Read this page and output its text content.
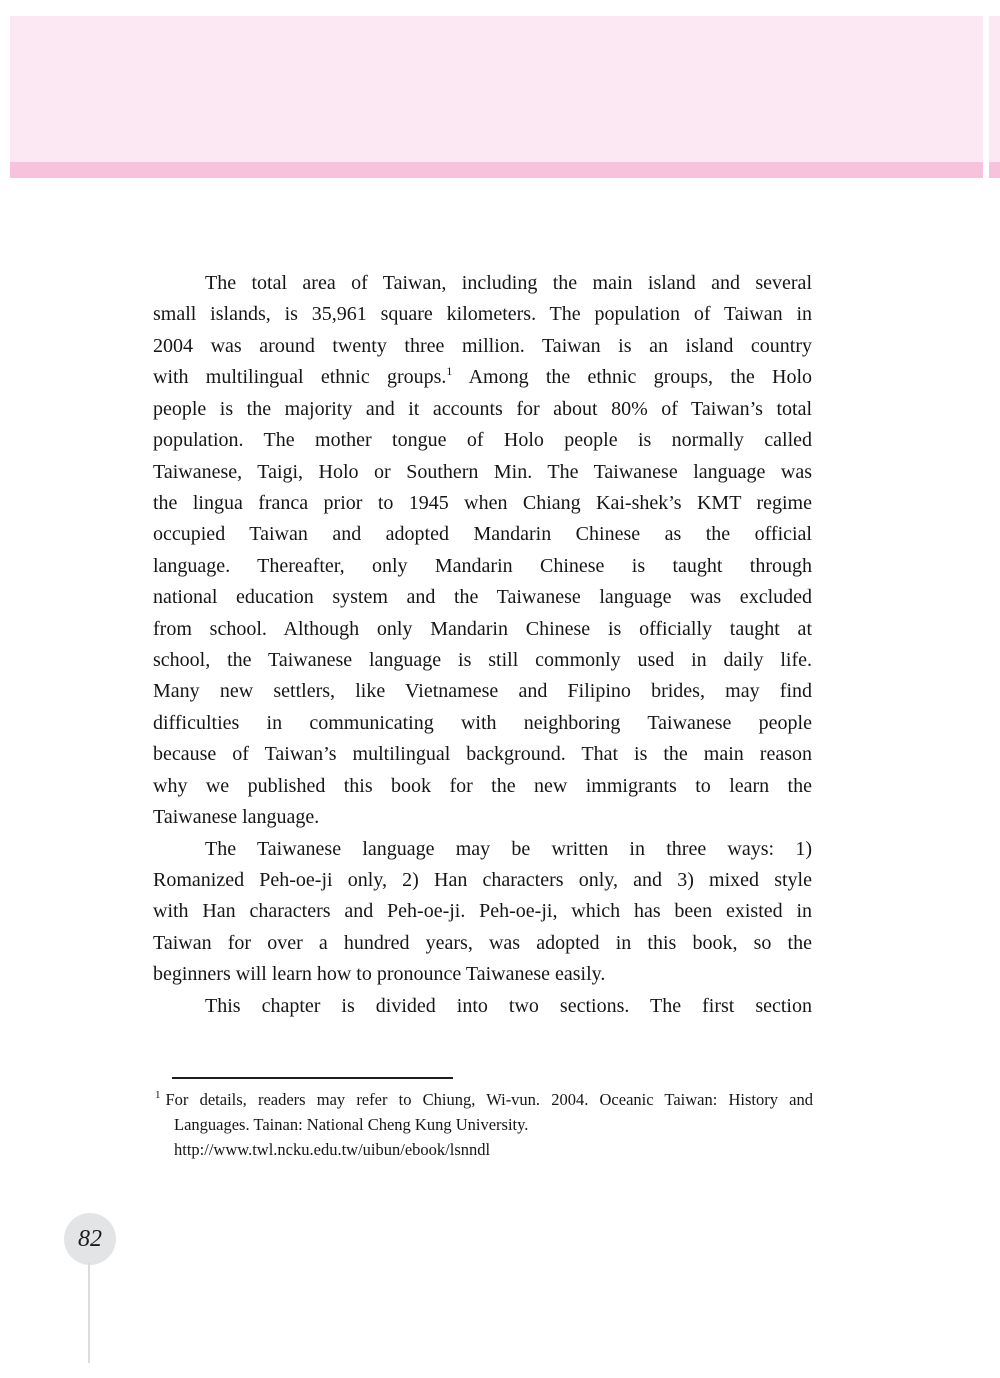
The total area of Taiwan, including the main island and several
small islands, is 35,961 square kilometers. The population of Taiwan in
2004 was around twenty three million. Taiwan is an island country
with multilingual ethnic groups.$^1$ Among the ethnic groups, the Holo
people is the majority and it accounts for about 80% of Taiwan’s total
population. The mother tongue of Holo people is normally called
Taiwanese, Taigi, Holo or Southern Min. The Taiwanese language was
the lingua franca prior to 1945 when Chiang Kai-shek’s KMT regime
occupied Taiwan and adopted Mandarin Chinese as the official
language. Thereafter, only Mandarin Chinese is taught through
national education system and the Taiwanese language was excluded
from school. Although only Mandarin Chinese is officially taught at
school, the Taiwanese language is still commonly used in daily life.
Many new settlers, like Vietnamese and Filipino brides, may find
difficulties in communicating with neighboring Taiwanese people
because of Taiwan’s multilingual background. That is the main reason
why we published this book for the new immigrants to learn the
Taiwanese language.
The Taiwanese language may be written in three ways: 1)
Romanized Peh-oe-ji only, 2) Han characters only, and 3) mixed style
with Han characters and Peh-oe-ji. Peh-oe-ji, which has been existed in
Taiwan for over a hundred years, was adopted in this book, so the
beginners will learn how to pronounce Taiwanese easily.
This chapter is divided into two sections. The first section
$^1$ For details, readers may refer to Chiung, Wi-vun. 2004. Oceanic Taiwan: History and
Languages. Tainan: National Cheng Kung University.
http://www.twl.ncku.edu.tw/uibun/ebook/lsnndl
82
